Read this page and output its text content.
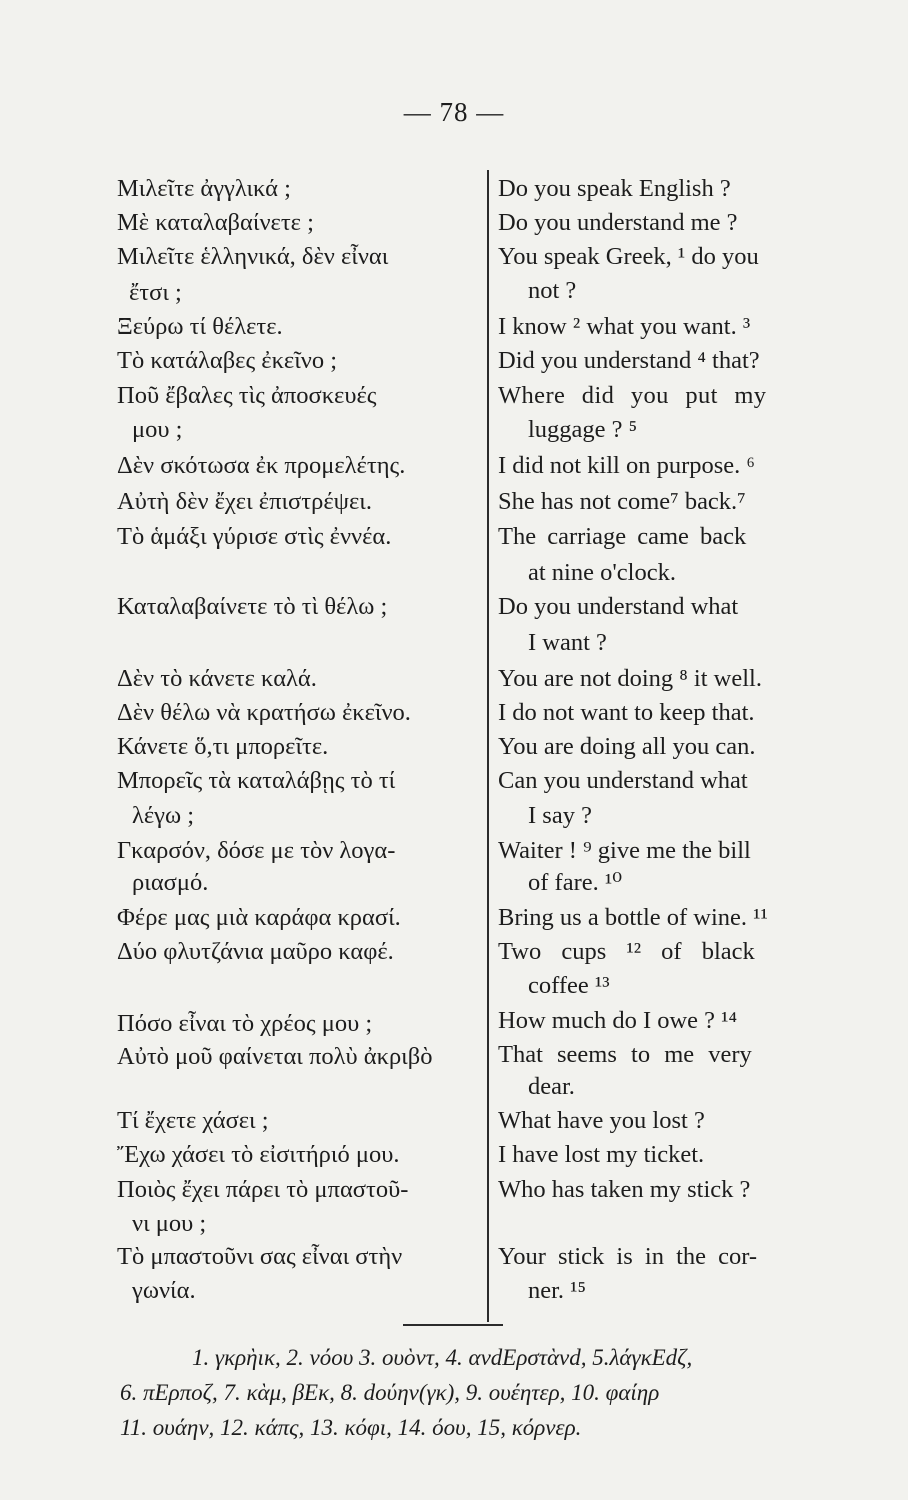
— 78 —
Μιλεῖτε ἀγγλικά ;
Μὲ καταλαβαίνετε ;
Μιλεῖτε ἑλληνικά, δὲν εἶναι
ἔτσι ;
Ξεύρω τί θέλετε.
Τὸ κατάλαβες ἐκεῖνο ;
Ποῦ ἔβαλες τὶς ἀποσκευές
μου ;
Δὲν σκότωσα ἐκ προμελέτης.
Αὐτὴ δὲν ἔχει ἐπιστρέψει.
Τὸ ἁμάξι γύρισε στὶς ἐννέα.
Καταλαβαίνετε τὸ τὶ θέλω ;
Δὲν τὸ κάνετε καλά.
Δὲν θέλω νὰ κρατήσω ἐκεῖνο.
Κάνετε ὅ,τι μπορεῖτε.
Μπορεῖς τὰ καταλάβῃς τὸ τί
λέγω ;
Γκαρσόν, δόσε με τὸν λογα-
ριασμό.
Φέρε μας μιὰ καράφα κρασί.
Δύο φλυτζάνια μαῦρο καφέ.
Πόσο εἶναι τὸ χρέος μου ;
Αὐτὸ μοῦ φαίνεται πολὺ ἀκριβὸ
Τί ἔχετε χάσει ;
Ἔχω χάσει τὸ εἰσιτήριό μου.
Ποιὸς ἔχει πάρει τὸ μπαστοῦ-
νι μου ;
Τὸ μπαστοῦνι σας εἶναι στὴν
γωνία.
Do you speak English ?
Do you understand me ?
You speak Greek, ¹ do you
not ?
I know ² what you want. ³
Did you understand ⁴ that?
Where did you put my
luggage ? ⁵
I did not kill on purpose. ⁶
She has not come⁷ back.⁷
The carriage came back
at nine o'clock.
Do you understand what
I want ?
You are not doing ⁸ it well.
I do not want to keep that.
You are doing all you can.
Can you understand what
I say ?
Waiter ! ⁹ give me the bill
of fare. ¹⁰
Bring us a bottle of wine. ¹¹
Two cups ¹² of black
coffee ¹³
How much do I owe ? ¹⁴
That seems to me very
dear.
What have you lost ?
I have lost my ticket.
Who has taken my stick ?
Your stick is in the cor-
ner. ¹⁵
1. γκρὴικ, 2. νόου 3. ουὸντ, 4. ανdΕρστὰνd, 5.λάγκΕdζ,
6. πΕρποζ, 7. κὰμ, βΕκ, 8. dούηv(γκ), 9. ουέητερ, 10. φαίηρ
11. ουάην, 12. κάπς, 13. κόφι, 14. όου, 15, κόρνερ.
